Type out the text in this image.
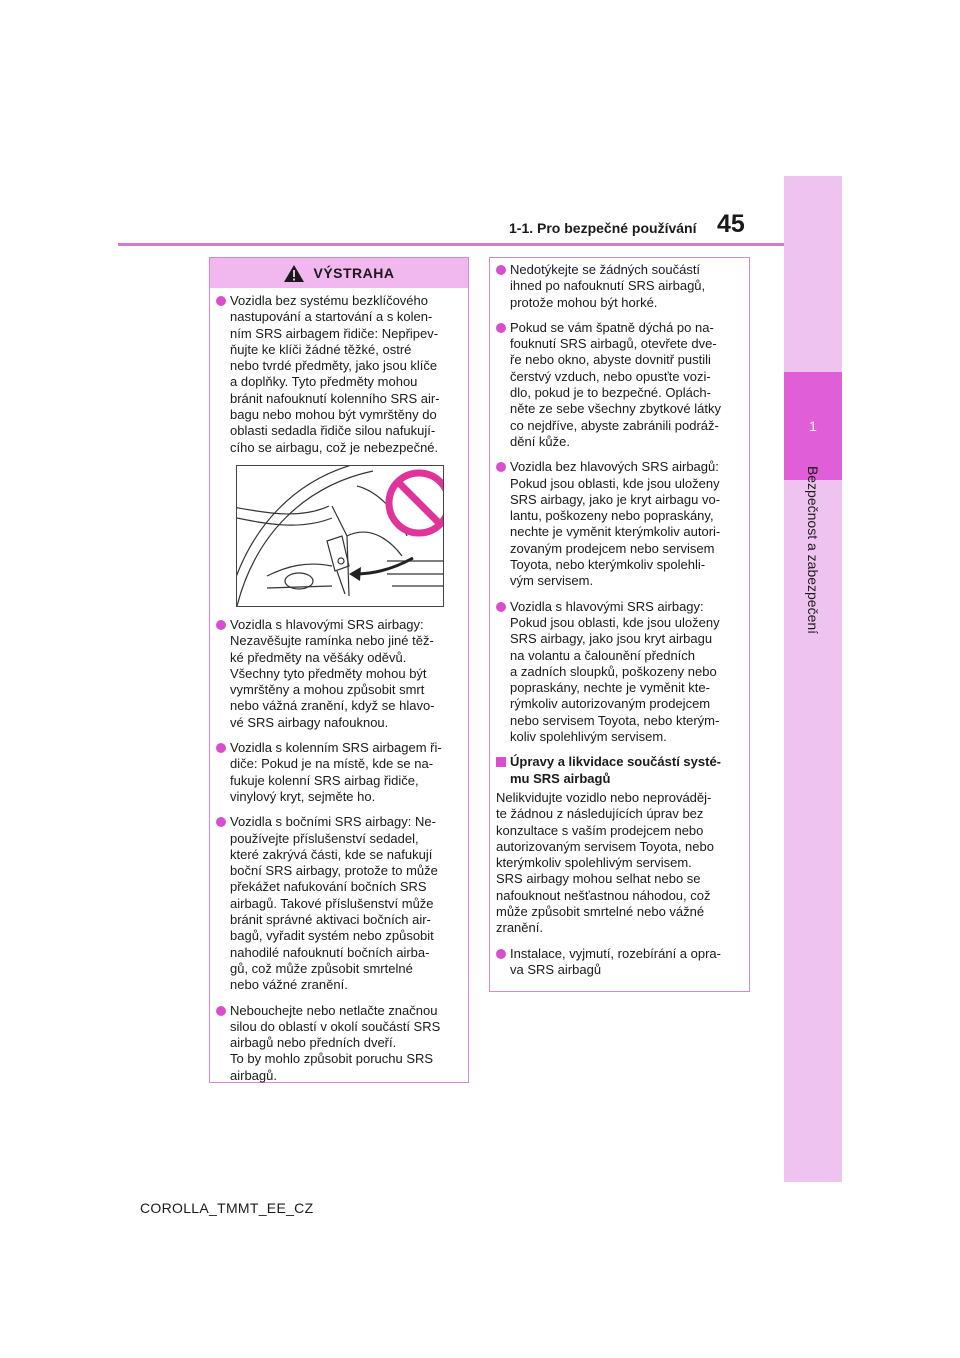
1
Bezpečnost a zabezpečení
1-1. Pro bezpečné používání 45
VÝSTRAHA

Vozidla bez systému bezklíčového
nastupování a startování a s kolen-
ním SRS airbagem řidiče: Nepřipev-
ňujte ke klíči žádné těžké, ostré
nebo tvrdé předměty, jako jsou klíče
a doplňky. Tyto předměty mohou
bránit nafouknutí kolenního SRS air-
bagu nebo mohou být vymrštěny do
oblasti sedadla řidiče silou nafukují-
cího se airbagu, což je nebezpečné.

Vozidla s hlavovými SRS airbagy:
Nezavěšujte ramínka nebo jiné těž-
ké předměty na věšáky oděvů.
Všechny tyto předměty mohou být
vymrštěny a mohou způsobit smrt
nebo vážná zranění, když se hlavo-
vé SRS airbagy nafouknou.

Vozidla s kolenním SRS airbagem ři-
diče: Pokud je na místě, kde se na-
fukuje kolenní SRS airbag řidiče,
vinylový kryt, sejměte ho.

Vozidla s bočními SRS airbagy: Ne-
používejte příslušenství sedadel,
které zakrývá části, kde se nafukují
boční SRS airbagy, protože to může
překážet nafukování bočních SRS
airbagů. Takové příslušenství může
bránit správné aktivaci bočních air-
bagů, vyřadit systém nebo způsobit
nahodilé nafouknutí bočních airba-
gů, což může způsobit smrtelné
nebo vážné zranění.

Nebouchejte nebo netlačte značnou
silou do oblastí v okolí součástí SRS
airbagů nebo předních dveří.
To by mohlo způsobit poruchu SRS
airbagů.

Nedotýkejte se žádných součástí
ihned po nafouknutí SRS airbagů,
protože mohou být horké.

Pokud se vám špatně dýchá po na-
fouknutí SRS airbagů, otevřete dve-
ře nebo okno, abyste dovnitř pustili
čerstvý vzduch, nebo opusťte vozi-
dlo, pokud je to bezpečné. Oplách-
něte ze sebe všechny zbytkové látky
co nejdříve, abyste zabránili podráž-
dění kůže.

Vozidla bez hlavových SRS airbagů:
Pokud jsou oblasti, kde jsou uloženy
SRS airbagy, jako je kryt airbagu vo-
lantu, poškozeny nebo popraskány,
nechte je vyměnit kterýmkoliv autori-
zovaným prodejcem nebo servisem
Toyota, nebo kterýmkoliv spolehli-
vým servisem.

Vozidla s hlavovými SRS airbagy:
Pokud jsou oblasti, kde jsou uloženy
SRS airbagy, jako jsou kryt airbagu
na volantu a čalounění předních
a zadních sloupků, poškozeny nebo
popraskány, nechte je vyměnit kte-
rýmkoliv autorizovaným prodejcem
nebo servisem Toyota, nebo kterým-
koliv spolehlivým servisem.

Úpravy a likvidace součástí systé-
mu SRS airbagů

Nelikvidujte vozidlo nebo neprováděj-
te žádnou z následujících úprav bez
konzultace s vaším prodejcem nebo
autorizovaným servisem Toyota, nebo
kterýmkoliv spolehlivým servisem.
SRS airbagy mohou selhat nebo se
nafouknout nešťastnou náhodou, což
může způsobit smrtelné nebo vážné
zranění.

Instalace, vyjmutí, rozebírání a opra-
va SRS airbagů

COROLLA_TMMT_EE_CZ
